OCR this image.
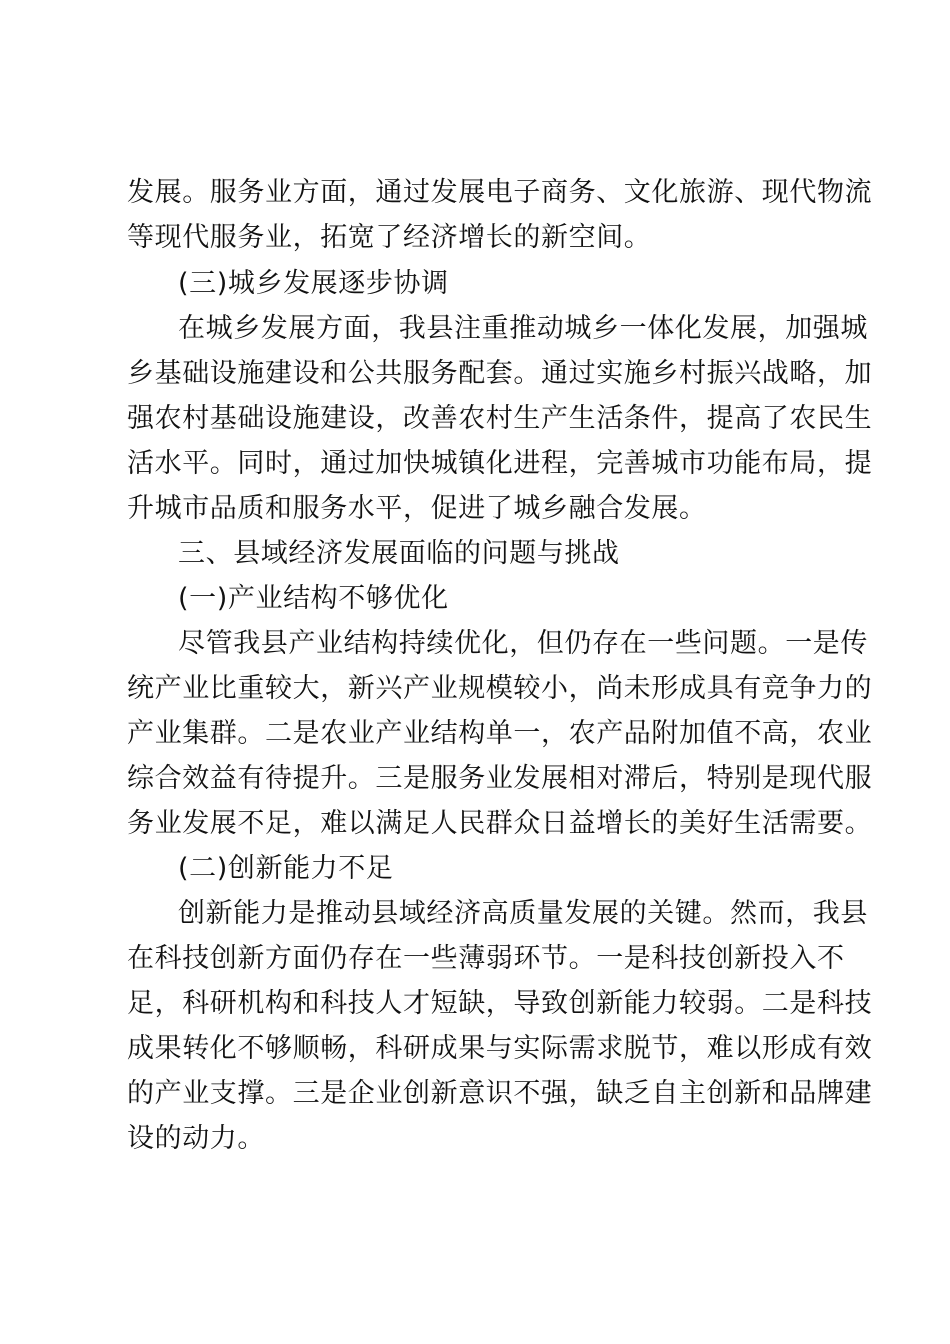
发展。服务业方面，通过发展电子商务、文化旅游、现代物流
等现代服务业，拓宽了经济增长的新空间。
(三)城乡发展逐步协调
在城乡发展方面，我县注重推动城乡一体化发展，加强城
乡基础设施建设和公共服务配套。通过实施乡村振兴战略，加
强农村基础设施建设，改善农村生产生活条件，提高了农民生
活水平。同时，通过加快城镇化进程，完善城市功能布局，提
升城市品质和服务水平，促进了城乡融合发展。
三、县域经济发展面临的问题与挑战
(一)产业结构不够优化
尽管我县产业结构持续优化，但仍存在一些问题。一是传
统产业比重较大，新兴产业规模较小，尚未形成具有竞争力的
产业集群。二是农业产业结构单一，农产品附加值不高，农业
综合效益有待提升。三是服务业发展相对滞后，特别是现代服
务业发展不足，难以满足人民群众日益增长的美好生活需要。
(二)创新能力不足
创新能力是推动县域经济高质量发展的关键。然而，我县
在科技创新方面仍存在一些薄弱环节。一是科技创新投入不
足，科研机构和科技人才短缺，导致创新能力较弱。二是科技
成果转化不够顺畅，科研成果与实际需求脱节，难以形成有效
的产业支撑。三是企业创新意识不强，缺乏自主创新和品牌建
设的动力。
